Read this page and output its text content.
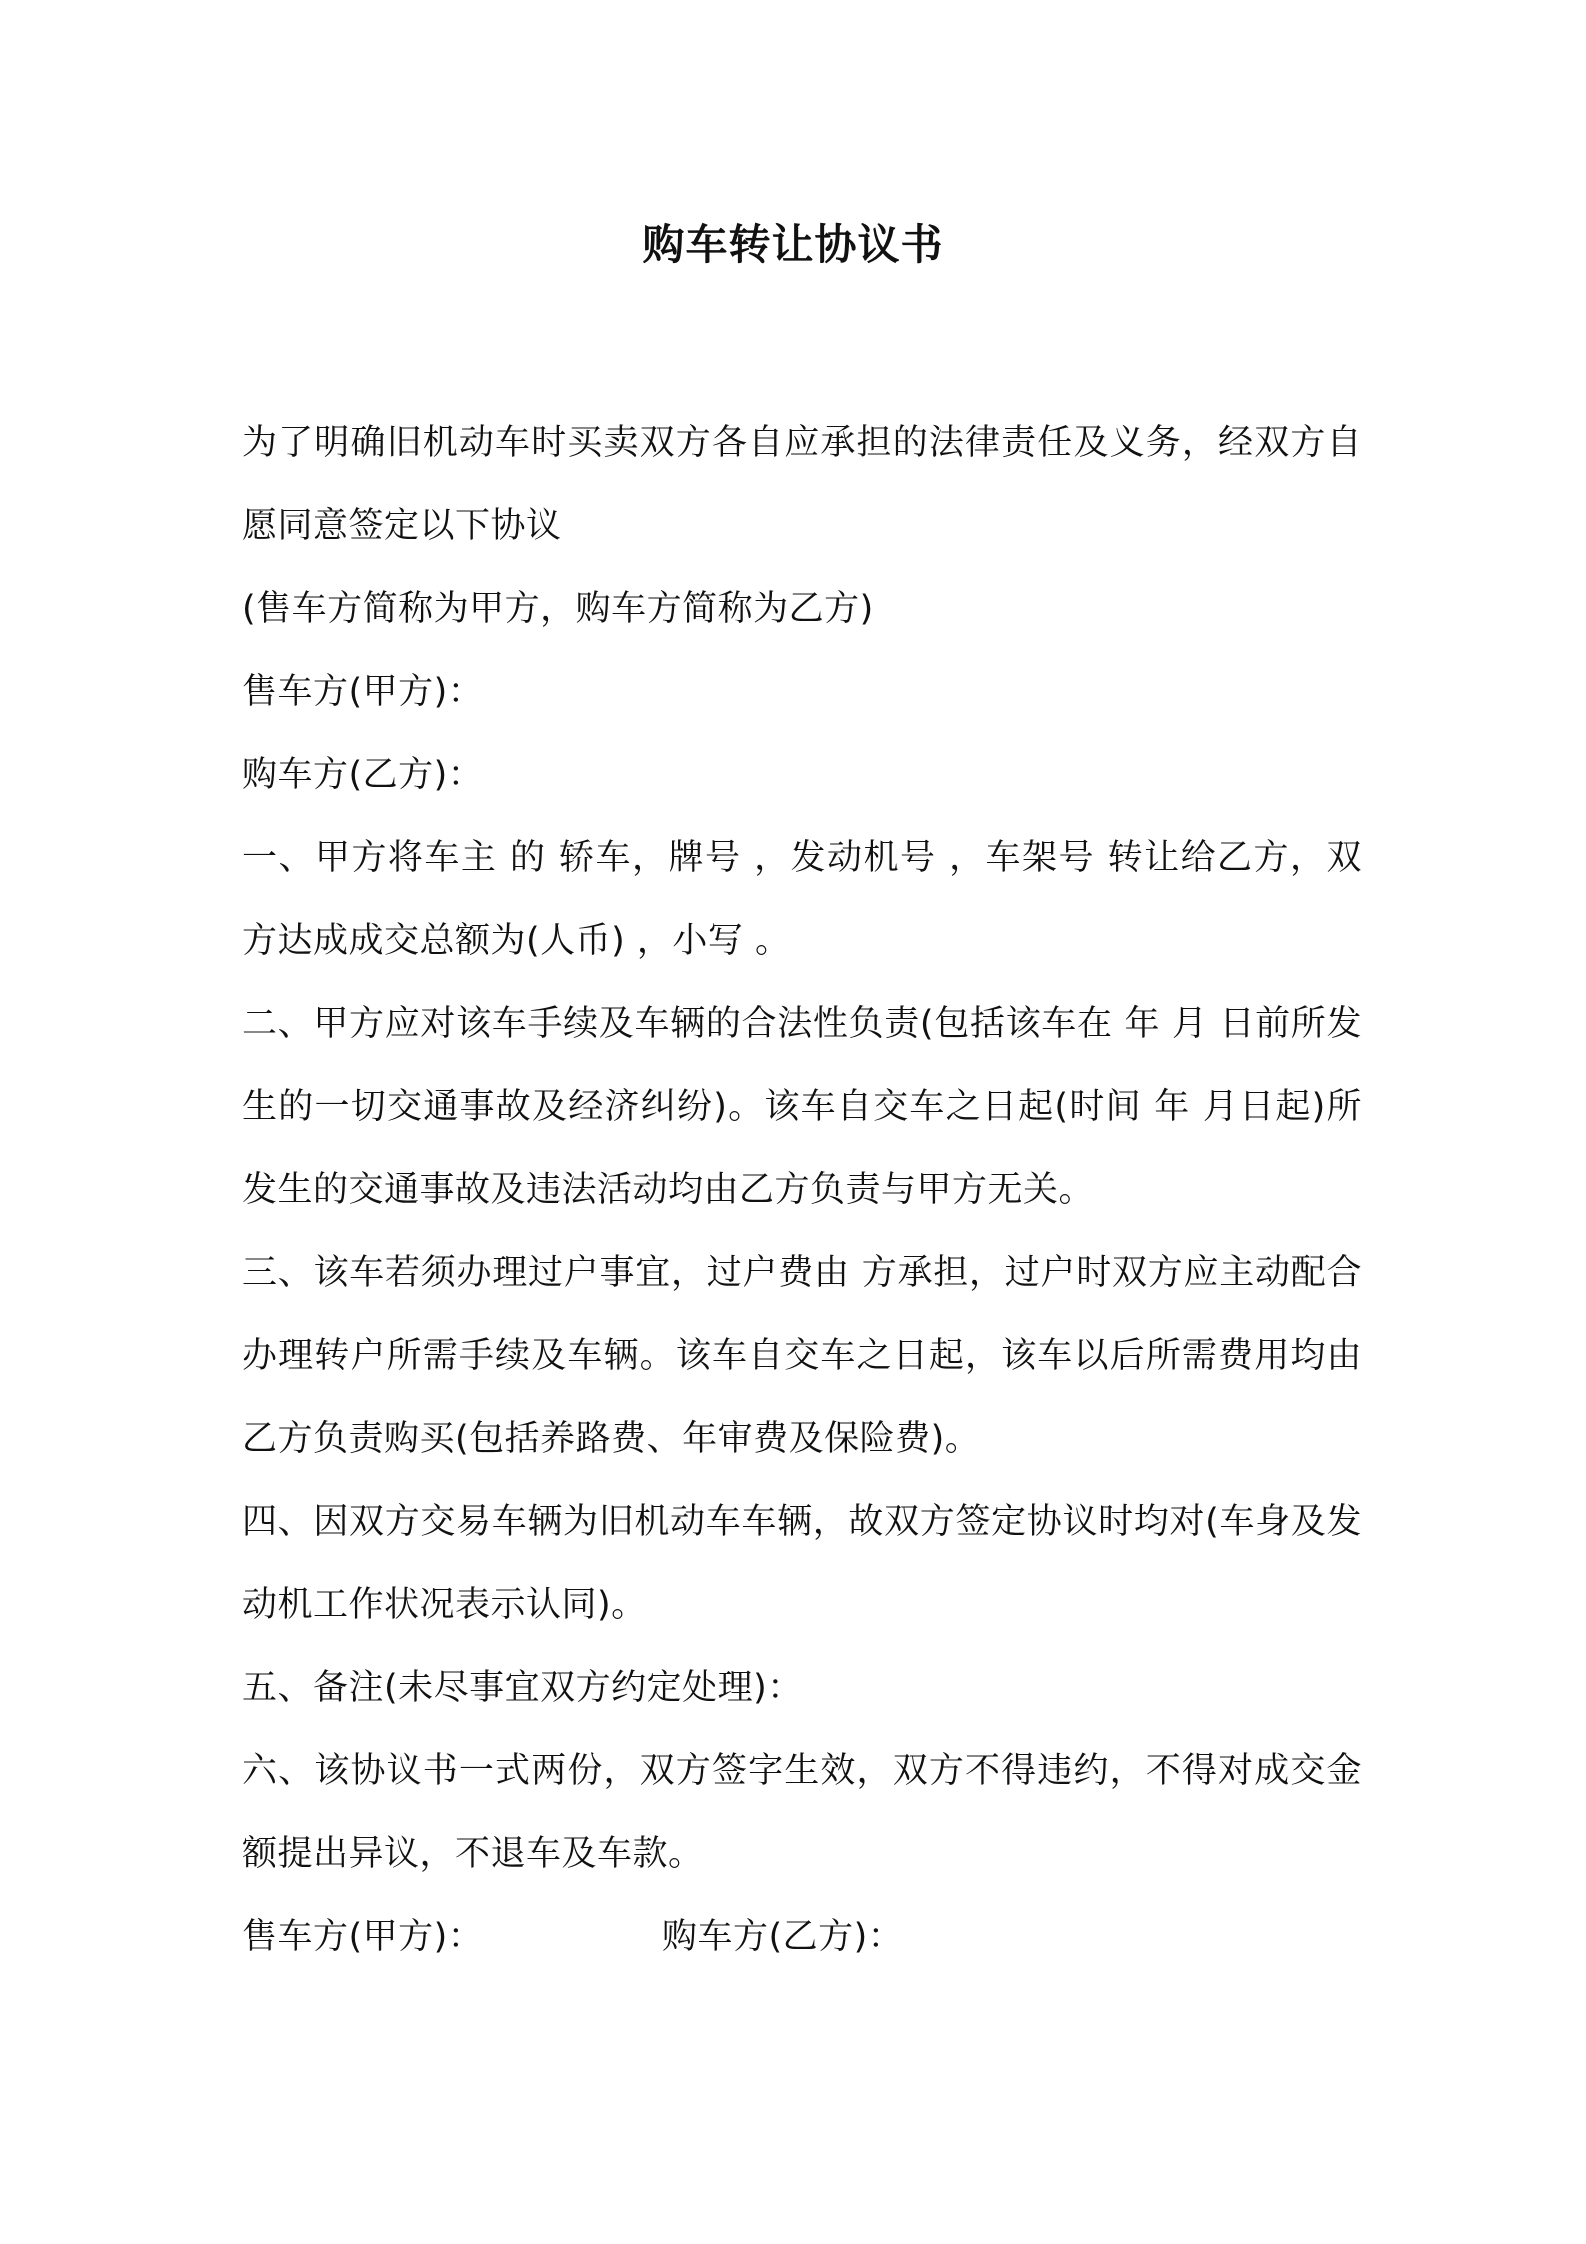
购车转让协议书

为了明确旧机动车时买卖双方各自应承担的法律责任及义务，经双方自愿同意签定以下协议

(售车方简称为甲方，购车方简称为乙方)

售车方(甲方)：

购车方(乙方)：

一、甲方将车主 的 轿车，牌号 ，发动机号 ，车架号 转让给乙方，双方达成成交总额为(人币) ，小写 。

二、甲方应对该车手续及车辆的合法性负责(包括该车在 年 月 日前所发生的一切交通事故及经济纠纷)。该车自交车之日起(时间 年 月日起)所发生的交通事故及违法活动均由乙方负责与甲方无关。

三、该车若须办理过户事宜，过户费由 方承担，过户时双方应主动配合办理转户所需手续及车辆。该车自交车之日起，该车以后所需费用均由乙方负责购买(包括养路费、年审费及保险费)。

四、因双方交易车辆为旧机动车车辆，故双方签定协议时均对(车身及发动机工作状况表示认同)。

五、备注(未尽事宜双方约定处理)：

六、该协议书一式两份，双方签字生效，双方不得违约，不得对成交金额提出异议，不退车及车款。

售车方(甲方)：	购车方(乙方)：
